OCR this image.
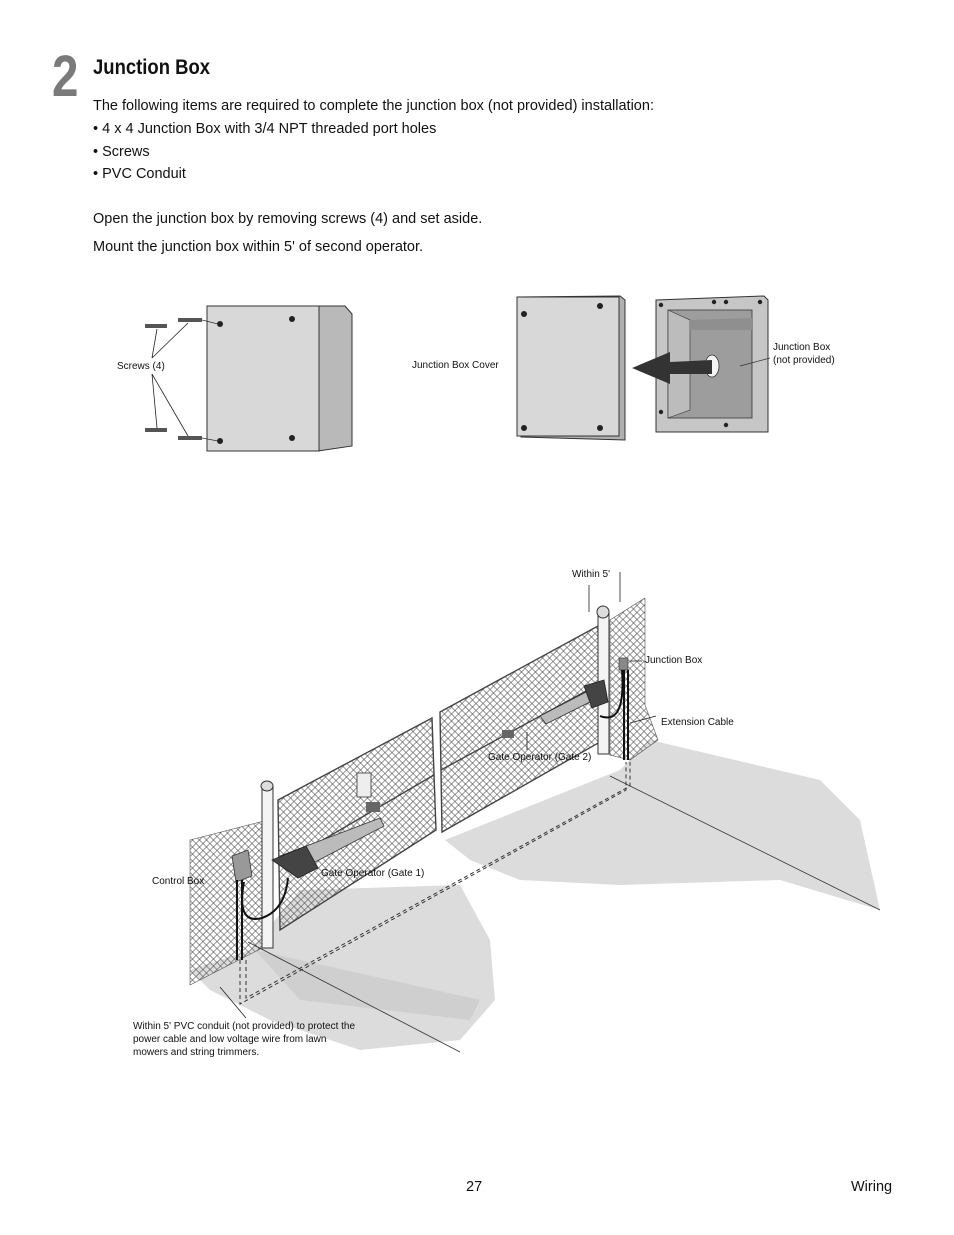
2 Junction Box

The following items are required to complete the junction box (not provided) installation:

• 4 x 4 Junction Box with 3/4 NPT threaded port holes

• Screws

• PVC Conduit

Open the junction box by removing screws (4) and set aside.

Mount the junction box within 5' of second operator.

Screws (4)	Junction Box Cover

Junction Box

(not provided)

Within 5'

Junction Box

Extension Cable

Gate Operator (Gate 2)

Gate Operator (Gate 1)

Control Box

Within 5' PVC conduit (not provided) to protect the power cable and low voltage wire from lawn mowers and string trimmers.

27	Wiring
